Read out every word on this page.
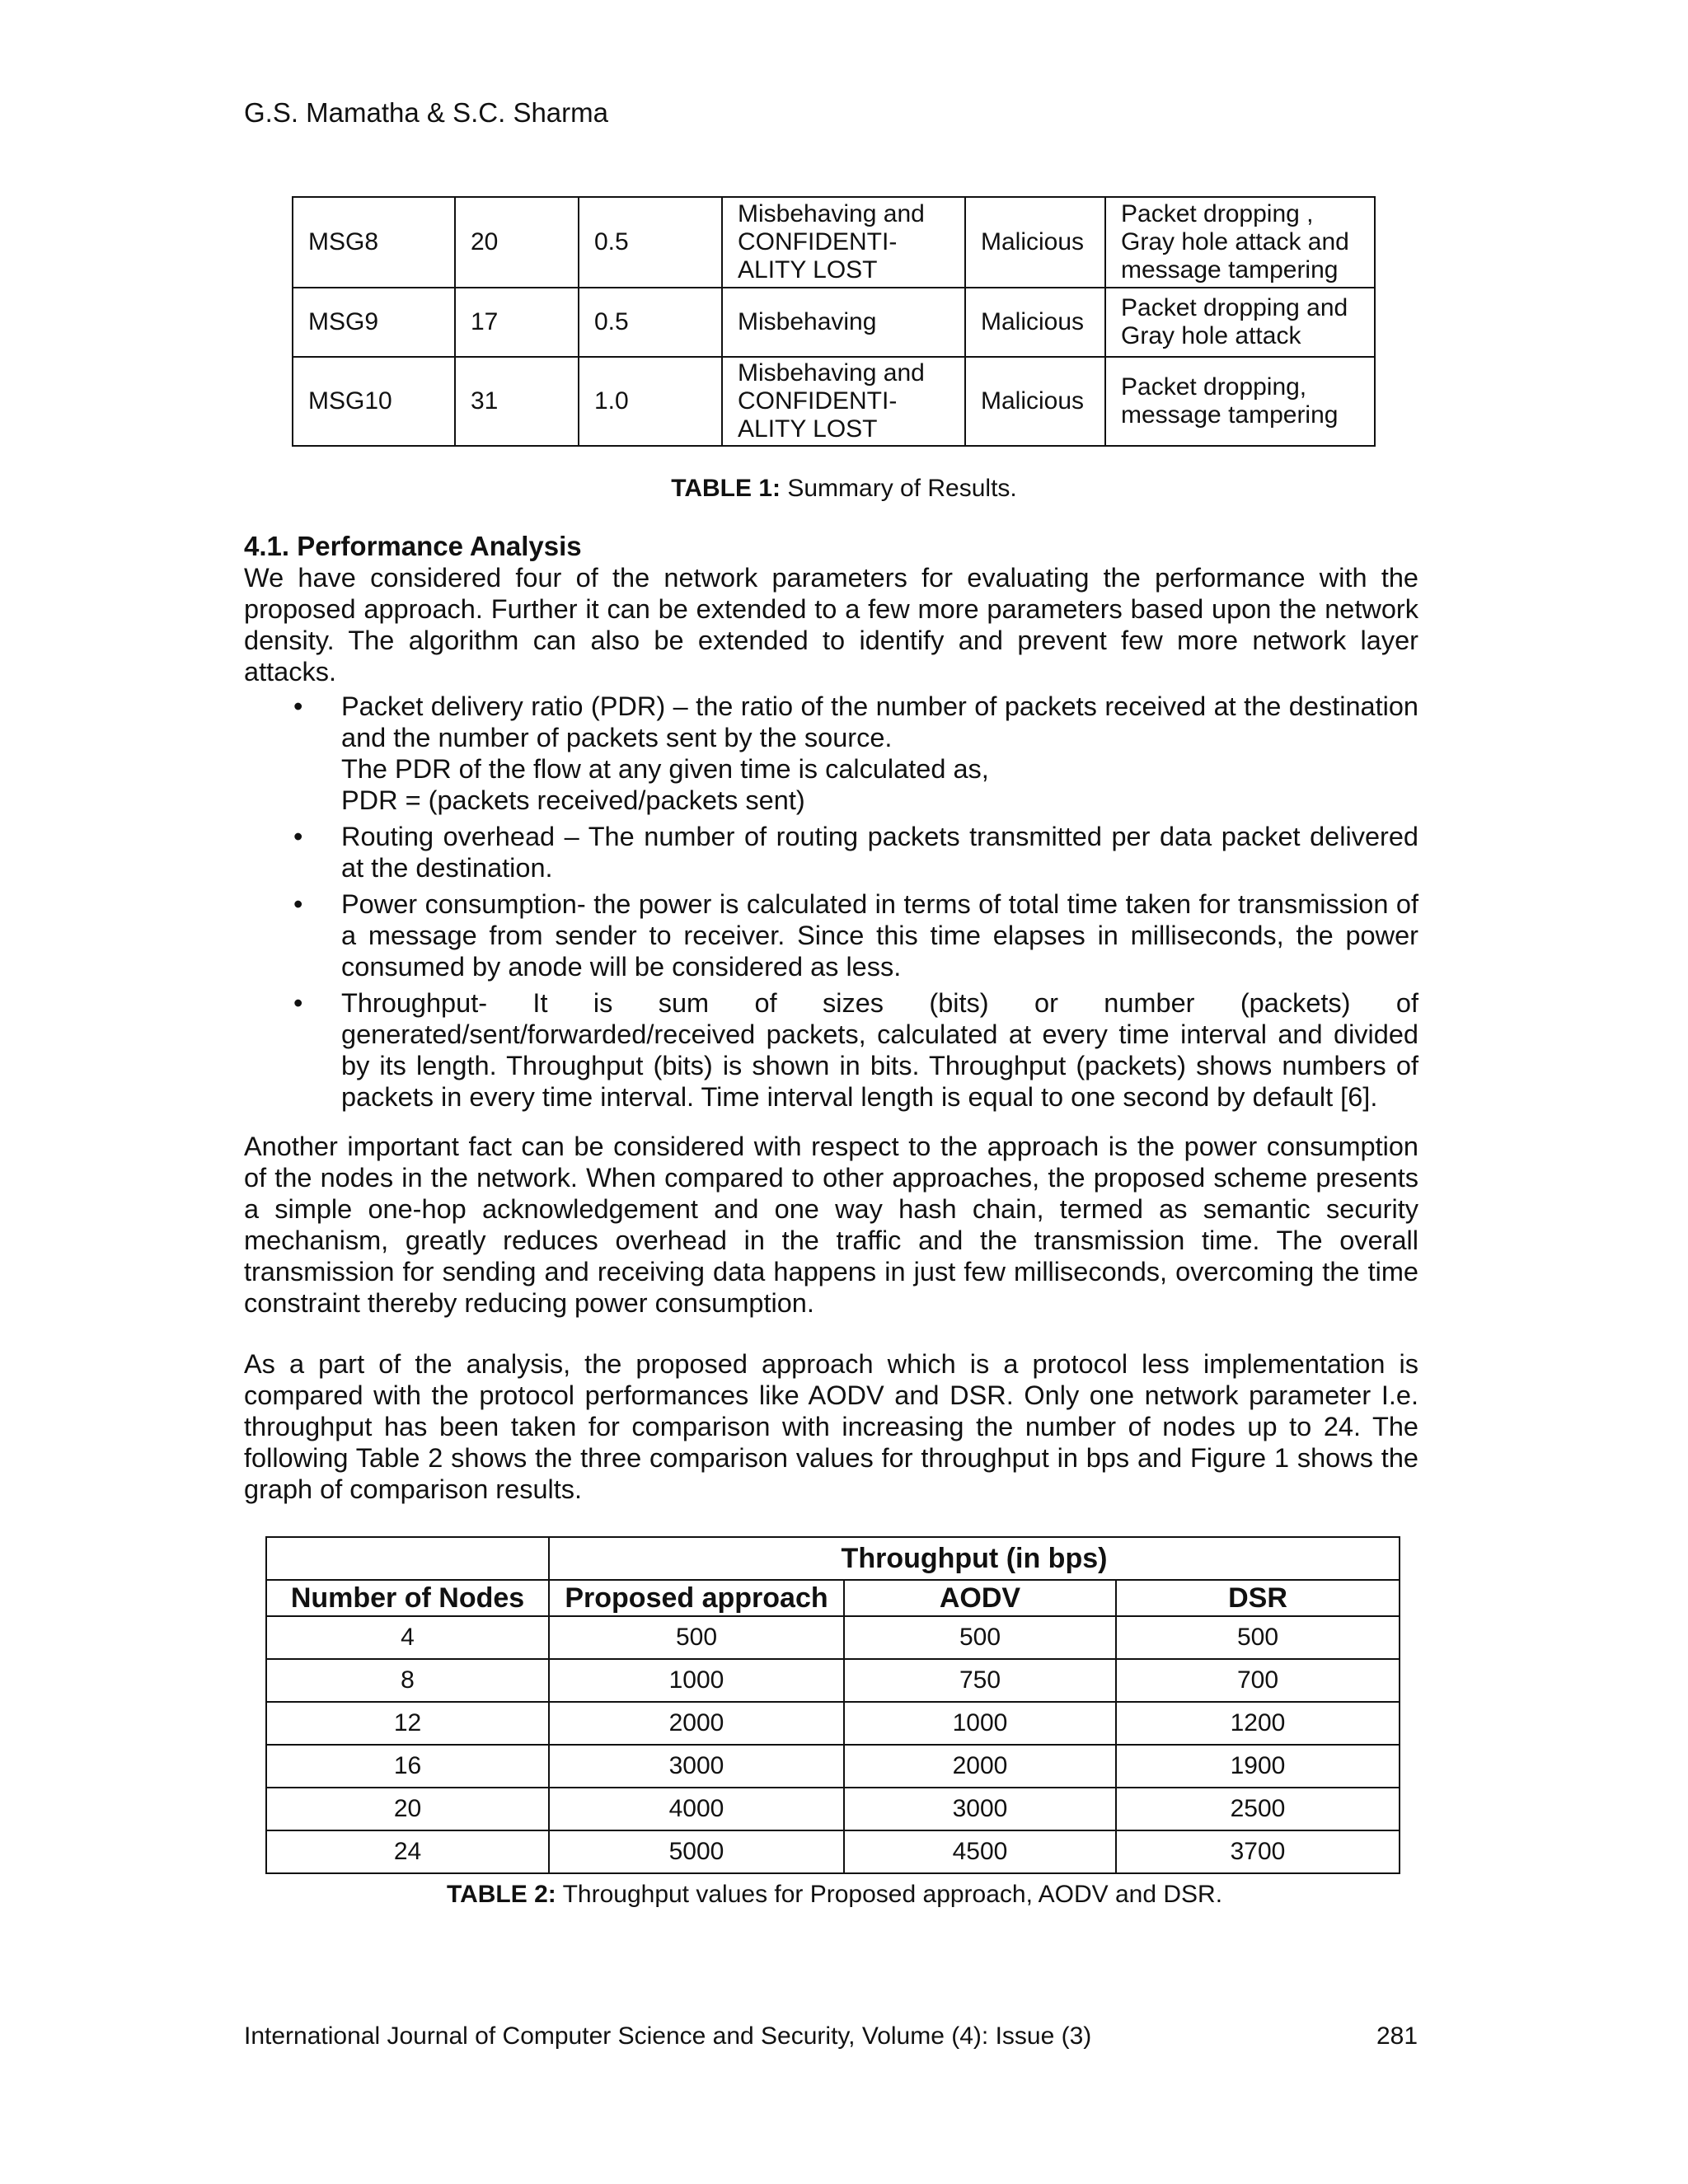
G.S. Mamatha & S.C. Sharma
MSG8	20	0.5	Misbehaving and
CONFIDENTI-
ALITY LOST	Malicious	Packet dropping ,
Gray hole attack and
message tampering

MSG9	17	0.5	Misbehaving	Malicious	Packet dropping and
Gray hole attack

MSG10	31	1.0	Misbehaving and
CONFIDENTI-
ALITY LOST	Malicious	Packet dropping,
message tampering
TABLE 1: Summary of Results.
4.1. Performance Analysis
We have considered four of the network parameters for evaluating the performance with the proposed approach. Further it can be extended to a few more parameters based upon the network density. The algorithm can also be extended to identify and prevent few more network layer attacks.
• Packet delivery ratio (PDR) – the ratio of the number of packets received at the destination and the number of packets sent by the source.
The PDR of the flow at any given time is calculated as,
PDR = (packets received/packets sent)
• Routing overhead – The number of routing packets transmitted per data packet delivered at the destination.
• Power consumption- the power is calculated in terms of total time taken for transmission of a message from sender to receiver. Since this time elapses in milliseconds, the power consumed by anode will be considered as less.
• Throughput- It is sum of sizes (bits) or number (packets) of generated/sent/forwarded/received packets, calculated at every time interval and divided by its length. Throughput (bits) is shown in bits. Throughput (packets) shows numbers of packets in every time interval. Time interval length is equal to one second by default [6].
Another important fact can be considered with respect to the approach is the power consumption of the nodes in the network. When compared to other approaches, the proposed scheme presents a simple one-hop acknowledgement and one way hash chain, termed as semantic security mechanism, greatly reduces overhead in the traffic and the transmission time. The overall transmission for sending and receiving data happens in just few milliseconds, overcoming the time constraint thereby reducing power consumption.
As a part of the analysis, the proposed approach which is a protocol less implementation is compared with the protocol performances like AODV and DSR. Only one network parameter I.e. throughput has been taken for comparison with increasing the number of nodes up to 24. The following Table 2 shows the three comparison values for throughput in bps and Figure 1 shows the graph of comparison results.
	Throughput (in bps)		
Number of Nodes	Proposed approach	AODV	DSR
4	500	500	500
8	1000	750	700
12	2000	1000	1200
16	3000	2000	1900
20	4000	3000	2500
24	5000	4500	3700
TABLE 2: Throughput values for Proposed approach, AODV and DSR.
International Journal of Computer Science and Security, Volume (4): Issue (3)	281
